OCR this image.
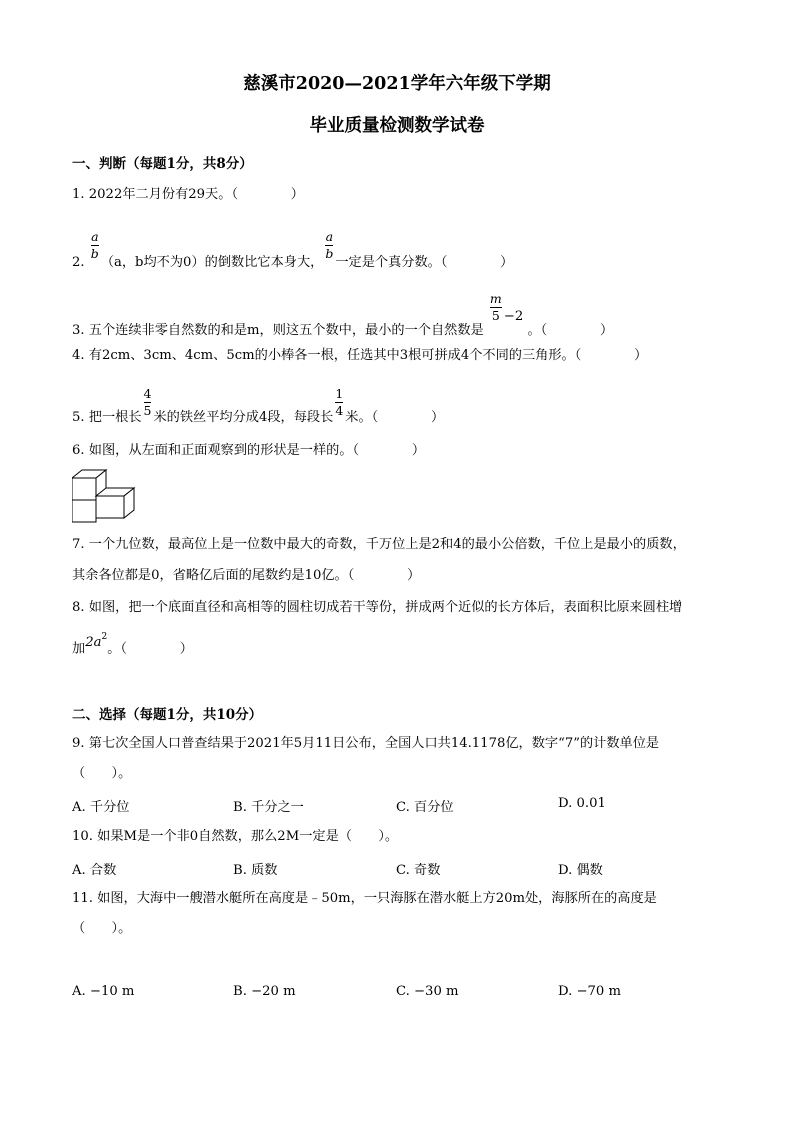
慈溪市2020—2021学年六年级下学期
毕业质量检测数学试卷
一、判断（每题1分，共8分）
1. 2022年二月份有29天。（　　　　）
2.
$\frac{a}{b}$
（a，b均不为0）的倒数比它本身大，
$\frac{a}{b}$
一定是个真分数。（　　　　）
3. 五个连续非零自然数的和是m，则这五个数中，最小的一个自然数是
$\frac{m}{5} -2$ 。（　　　　）
4. 有2cm、3cm、4cm、5cm的小棒各一根，任选其中3根可拼成4个不同的三角形。（　　　　）
5. 把一根长 $\frac{4}{5}$ 米的铁丝平均分成4段，每段长 $\frac{1}{4}$ 米。（　　　　）
6. 如图，从左面和正面观察到的形状是一样的。（　　　　）
7. 一个九位数，最高位上是一位数中最大的奇数，千万位上是2和4的最小公倍数，千位上是最小的质数，
其余各位都是0，省略亿后面的尾数约是10亿。（　　　　）
8. 如图，把一个底面直径和高相等的圆柱切成若干等份，拼成两个近似的长方体后，表面积比原来圆柱增
加$2a^2$。（　　　　）
二、选择（每题1分，共10分）
9. 第七次全国人口普查结果于2021年5月11日公布，全国人口共14.1178亿，数字“7”的计数单位是
（　　）。
A. 千分位	B. 千分之一	C. 百分位	D. 0.01
10. 如果M是一个非0自然数，那么2M一定是（　　）。
A. 合数	B. 质数	C. 奇数	D. 偶数
11. 如图，大海中一艘潜水艇所在高度是﹣50m，一只海豚在潜水艇上方20m处，海豚所在的高度是
（　　）。
A. −10 m	B. −20 m	C. −30 m	D. −70 m
